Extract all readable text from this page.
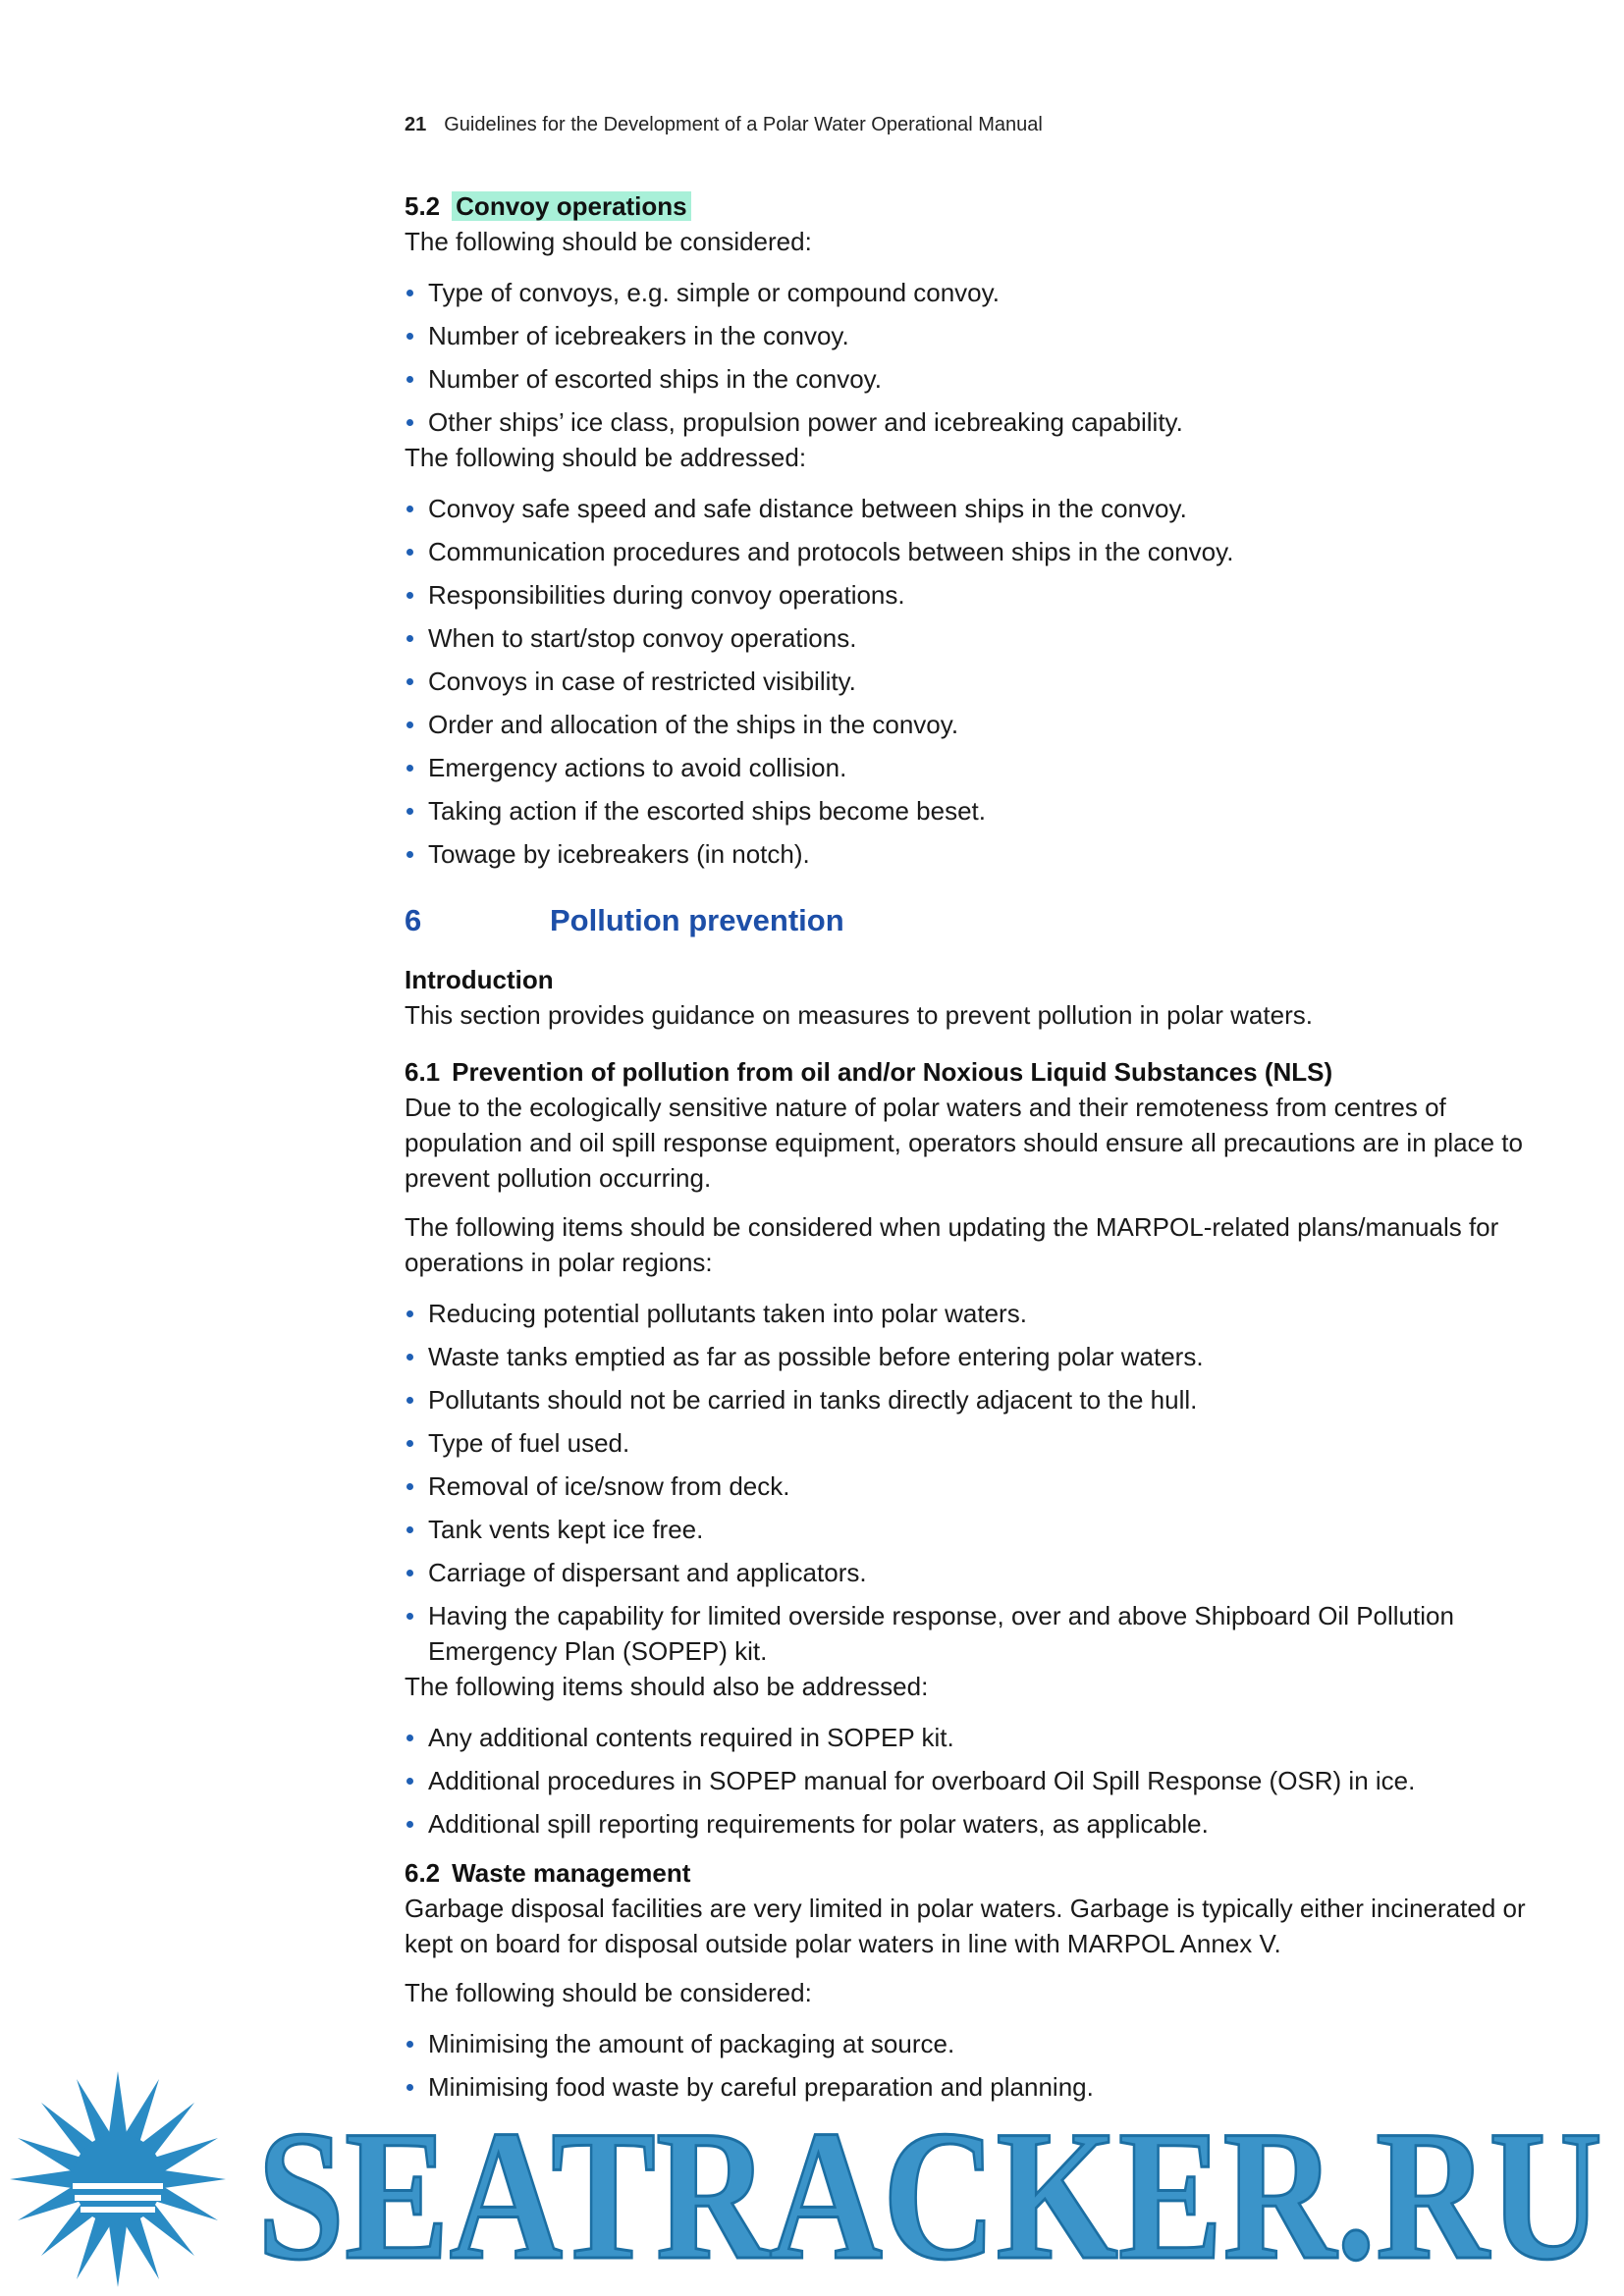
21 Guidelines for the Development of a Polar Water Operational Manual
5.2 Convoy operations

The following should be considered:

Type of convoys, e.g. simple or compound convoy.
Number of icebreakers in the convoy.
Number of escorted ships in the convoy.
Other ships’ ice class, propulsion power and icebreaking capability.

The following should be addressed:

Convoy safe speed and safe distance between ships in the convoy.
Communication procedures and protocols between ships in the convoy.
Responsibilities during convoy operations.
When to start/stop convoy operations.
Convoys in case of restricted visibility.
Order and allocation of the ships in the convoy.
Emergency actions to avoid collision.
Taking action if the escorted ships become beset.
Towage by icebreakers (in notch).
6	Pollution prevention
Introduction

This section provides guidance on measures to prevent pollution in polar waters.

6.1 Prevention of pollution from oil and/or Noxious Liquid Substances (NLS)

Due to the ecologically sensitive nature of polar waters and their remoteness from centres of population and oil spill response equipment, operators should ensure all precautions are in place to prevent pollution occurring.

The following items should be considered when updating the MARPOL-related plans/manuals for operations in polar regions:

Reducing potential pollutants taken into polar waters.
Waste tanks emptied as far as possible before entering polar waters.
Pollutants should not be carried in tanks directly adjacent to the hull.
Type of fuel used.
Removal of ice/snow from deck.
Tank vents kept ice free.
Carriage of dispersant and applicators.
Having the capability for limited overside response, over and above Shipboard Oil Pollution Emergency Plan (SOPEP) kit.

The following items should also be addressed:

Any additional contents required in SOPEP kit.
Additional procedures in SOPEP manual for overboard Oil Spill Response (OSR) in ice.
Additional spill reporting requirements for polar waters, as applicable.
6.2 Waste management

Garbage disposal facilities are very limited in polar waters. Garbage is typically either incinerated or kept on board for disposal outside polar waters in line with MARPOL Annex V.

The following should be considered:

Minimising the amount of packaging at source.
Minimising food waste by careful preparation and planning.
SEATRACKER.RU
